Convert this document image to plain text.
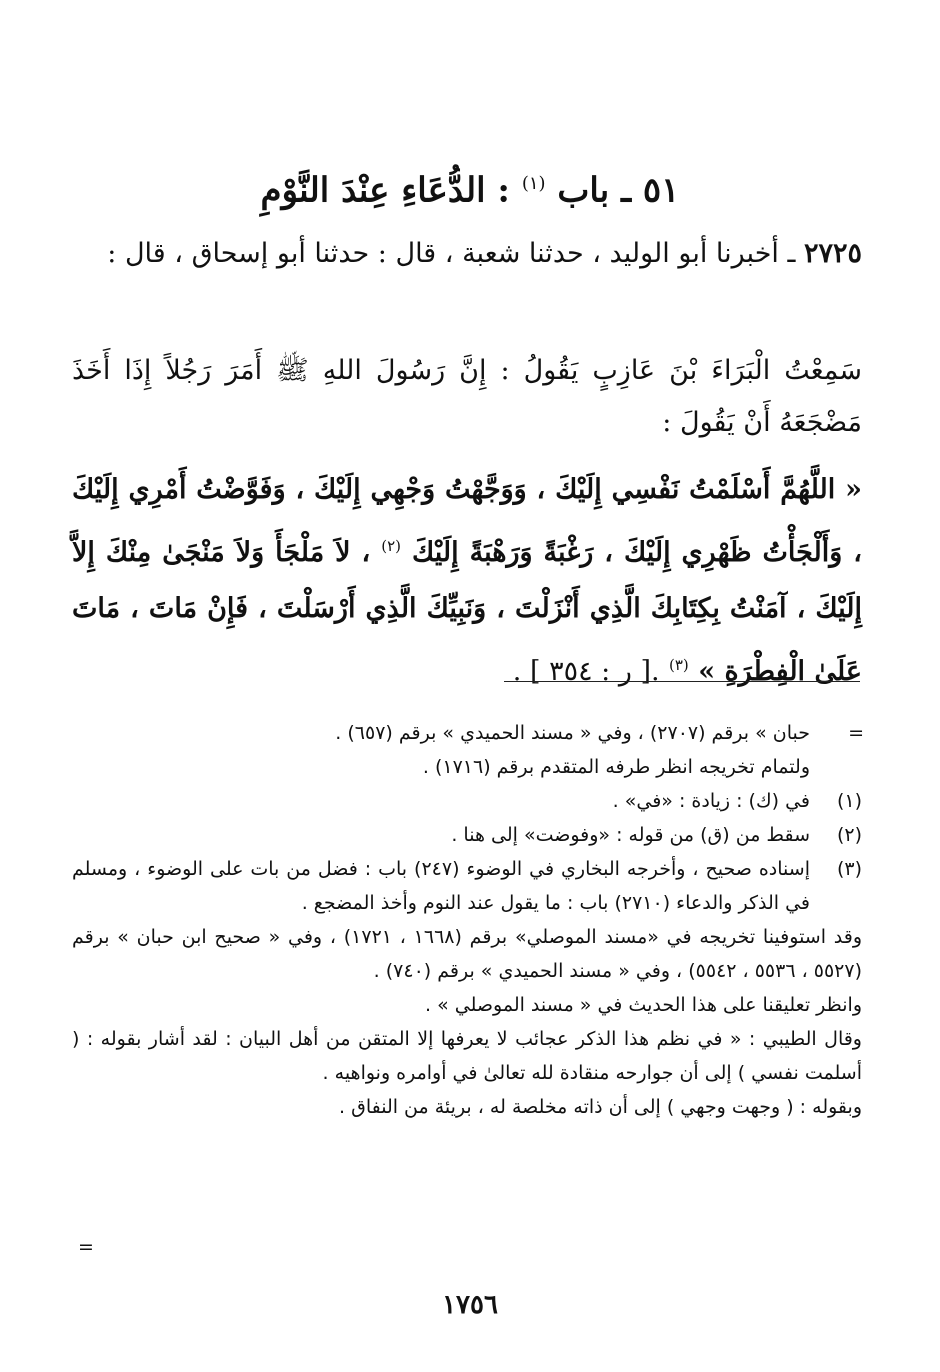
٥١ ـ باب $^{(١)}$ : الدُّعَاءِ عِنْدَ النَّوْمِ
٢٧٢٥ ـ أخبرنا أبو الوليد ، حدثنا شعبة ، قال : حدثنا أبو إسحاق ، قال :
سَمِعْتُ الْبَرَاءَ بْنَ عَازِبٍ يَقُولُ : إِنَّ رَسُولَ اللهِ ﷺ أَمَرَ رَجُلاً إِذَا أَخَذَ مَضْجَعَهُ أَنْ يَقُولَ :
« اللَّهُمَّ أَسْلَمْتُ نَفْسِي إِلَيْكَ ، وَوَجَّهْتُ وَجْهِي إِلَيْكَ ، وَفَوَّضْتُ أَمْرِي إِلَيْكَ ، وَأَلْجَأْتُ ظَهْرِي إِلَيْكَ ، رَغْبَةً وَرَهْبَةً إِلَيْكَ $^{(٢)}$ ، لاَ مَلْجَأَ وَلاَ مَنْجَىٰ مِنْكَ إِلاَّ إِلَيْكَ ، آمَنْتُ بِكِتَابِكَ الَّذِي أَنْزَلْتَ ، وَنَبِيِّكَ الَّذِي أَرْسَلْتَ ، فَإِنْ مَاتَ ، مَاتَ عَلَىٰ الْفِطْرَةِ » $^{(٣)}$ .[ ر : ٣٥٤ ] .
=
حبان » برقم (٢٧٠٧) ، وفي « مسند الحميدي » برقم (٦٥٧) .
ولتمام تخريجه انظر طرفه المتقدم برقم (١٧١٦) .
(١)
في (ك) : زيادة : «في» .
(٢)
سقط من (ق) من قوله : «وفوضت» إلى هنا .
(٣)
إسناده صحيح ، وأخرجه البخاري في الوضوء (٢٤٧) باب : فضل من بات على الوضوء ، ومسلم في الذكر والدعاء (٢٧١٠) باب : ما يقول عند النوم وأخذ المضجع .
وقد استوفينا تخريجه في «مسند الموصلي» برقم (١٦٦٨ ، ١٧٢١) ، وفي « صحيح ابن حبان » برقم (٥٥٢٧ ، ٥٥٣٦ ، ٥٥٤٢) ، وفي « مسند الحميدي » برقم (٧٤٠) .
وانظر تعليقنا على هذا الحديث في « مسند الموصلي » .
وقال الطيبي : « في نظم هذا الذكر عجائب لا يعرفها إلا المتقن من أهل البيان : لقد أشار بقوله : ( أسلمت نفسي ) إلى أن جوارحه منقادة لله تعالىٰ في أوامره ونواهيه .
وبقوله : ( وجهت وجهي ) إلى أن ذاته مخلصة له ، بريئة من النفاق .
=
١٧٥٦
